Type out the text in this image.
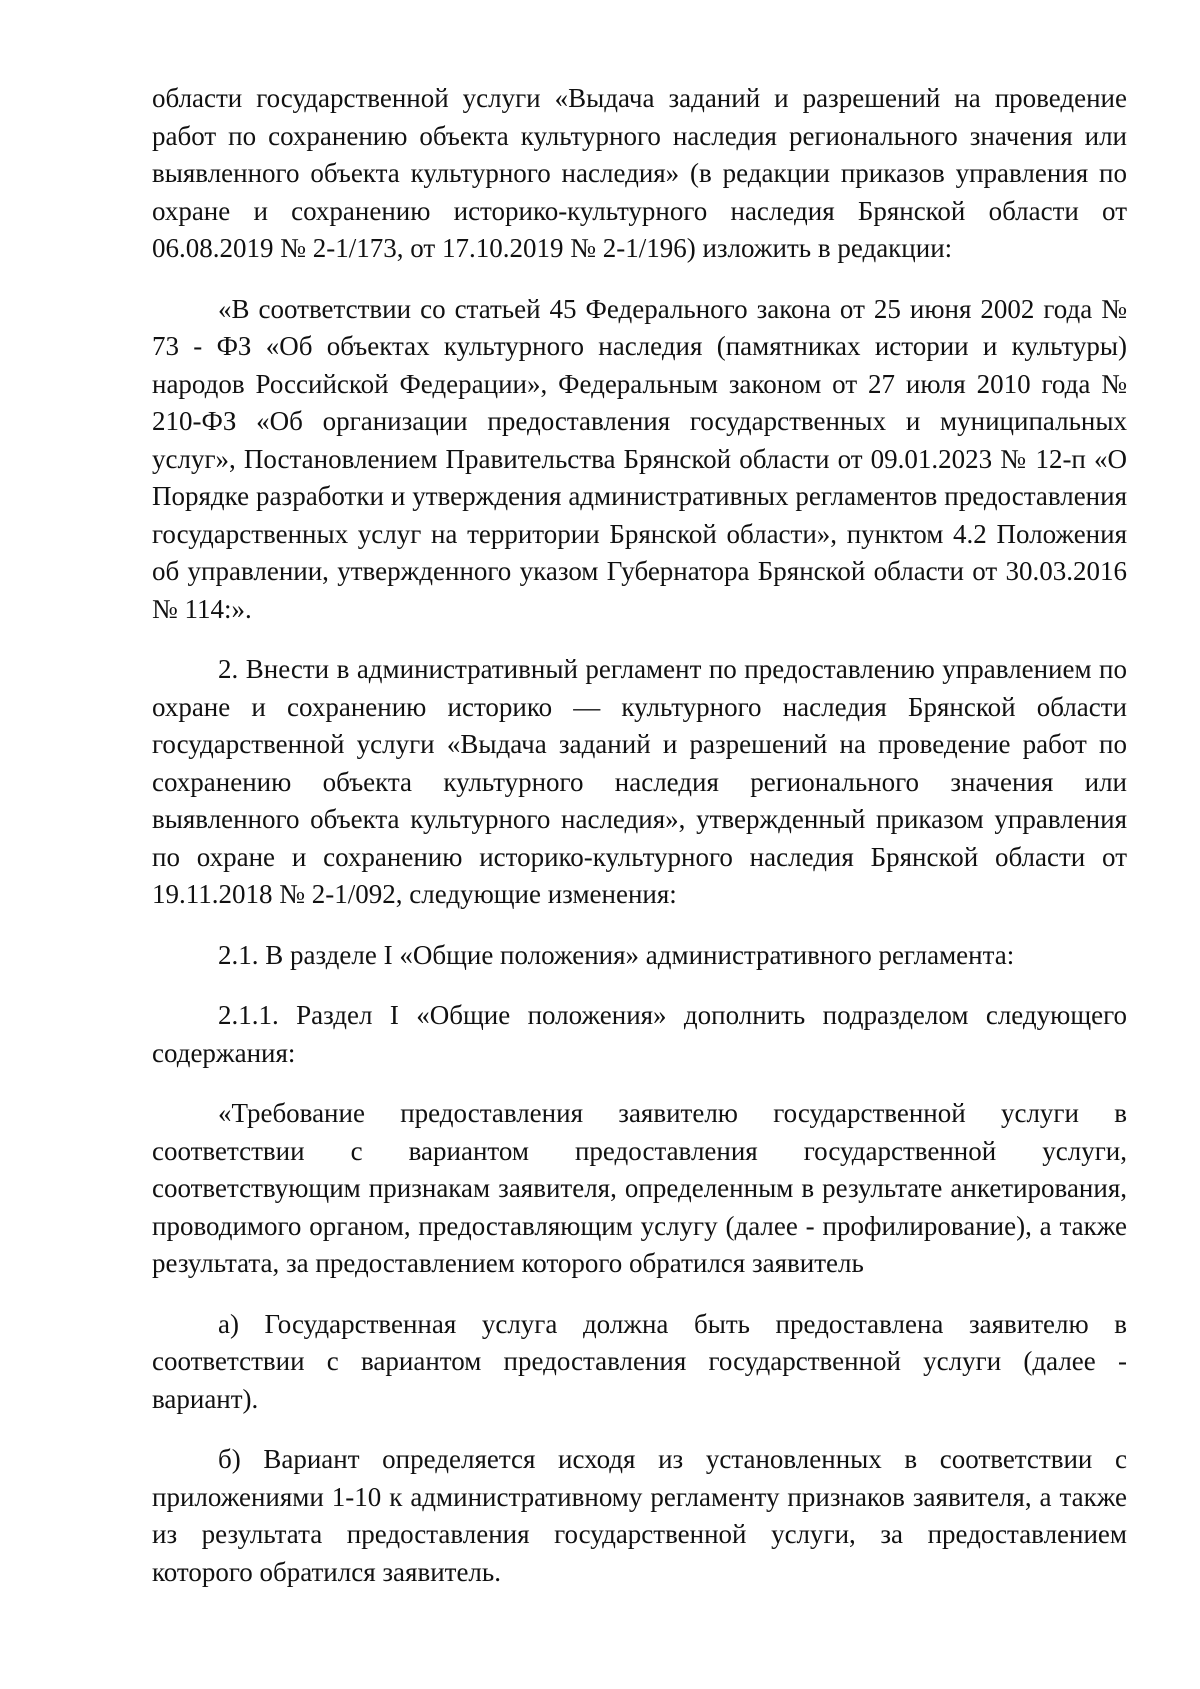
области государственной услуги «Выдача заданий и разрешений на проведение работ по сохранению объекта культурного наследия регионального значения или выявленного объекта культурного наследия» (в редакции приказов управления по охране и сохранению историко-культурного наследия Брянской области от 06.08.2019 № 2-1/173, от 17.10.2019 № 2-1/196) изложить в редакции:

«В соответствии со статьей 45 Федерального закона от 25 июня 2002 года № 73 - ФЗ «Об объектах культурного наследия (памятниках истории и культуры) народов Российской Федерации», Федеральным законом от 27 июля 2010 года № 210-ФЗ «Об организации предоставления государственных и муниципальных услуг», Постановлением Правительства Брянской области от 09.01.2023 № 12-п «О Порядке разработки и утверждения административных регламентов предоставления государственных услуг на территории Брянской области», пунктом 4.2 Положения об управлении, утвержденного указом Губернатора Брянской области от 30.03.2016 № 114:».

2. Внести в административный регламент по предоставлению управлением по охране и сохранению историко — культурного наследия Брянской области государственной услуги «Выдача заданий и разрешений на проведение работ по сохранению объекта культурного наследия регионального значения или выявленного объекта культурного наследия», утвержденный приказом управления по охране и сохранению историко-культурного наследия Брянской области от 19.11.2018 № 2-1/092, следующие изменения:

2.1. В разделе I «Общие положения» административного регламента:

2.1.1. Раздел I «Общие положения» дополнить подразделом следующего содержания:

«Требование предоставления заявителю государственной услуги в соответствии с вариантом предоставления государственной услуги, соответствующим признакам заявителя, определенным в результате анкетирования, проводимого органом, предоставляющим услугу (далее - профилирование), а также результата, за предоставлением которого обратился заявитель

а) Государственная услуга должна быть предоставлена заявителю в соответствии с вариантом предоставления государственной услуги (далее - вариант).

б) Вариант определяется исходя из установленных в соответствии с приложениями 1-10 к административному регламенту признаков заявителя, а также из результата предоставления государственной услуги, за предоставлением которого обратился заявитель.
